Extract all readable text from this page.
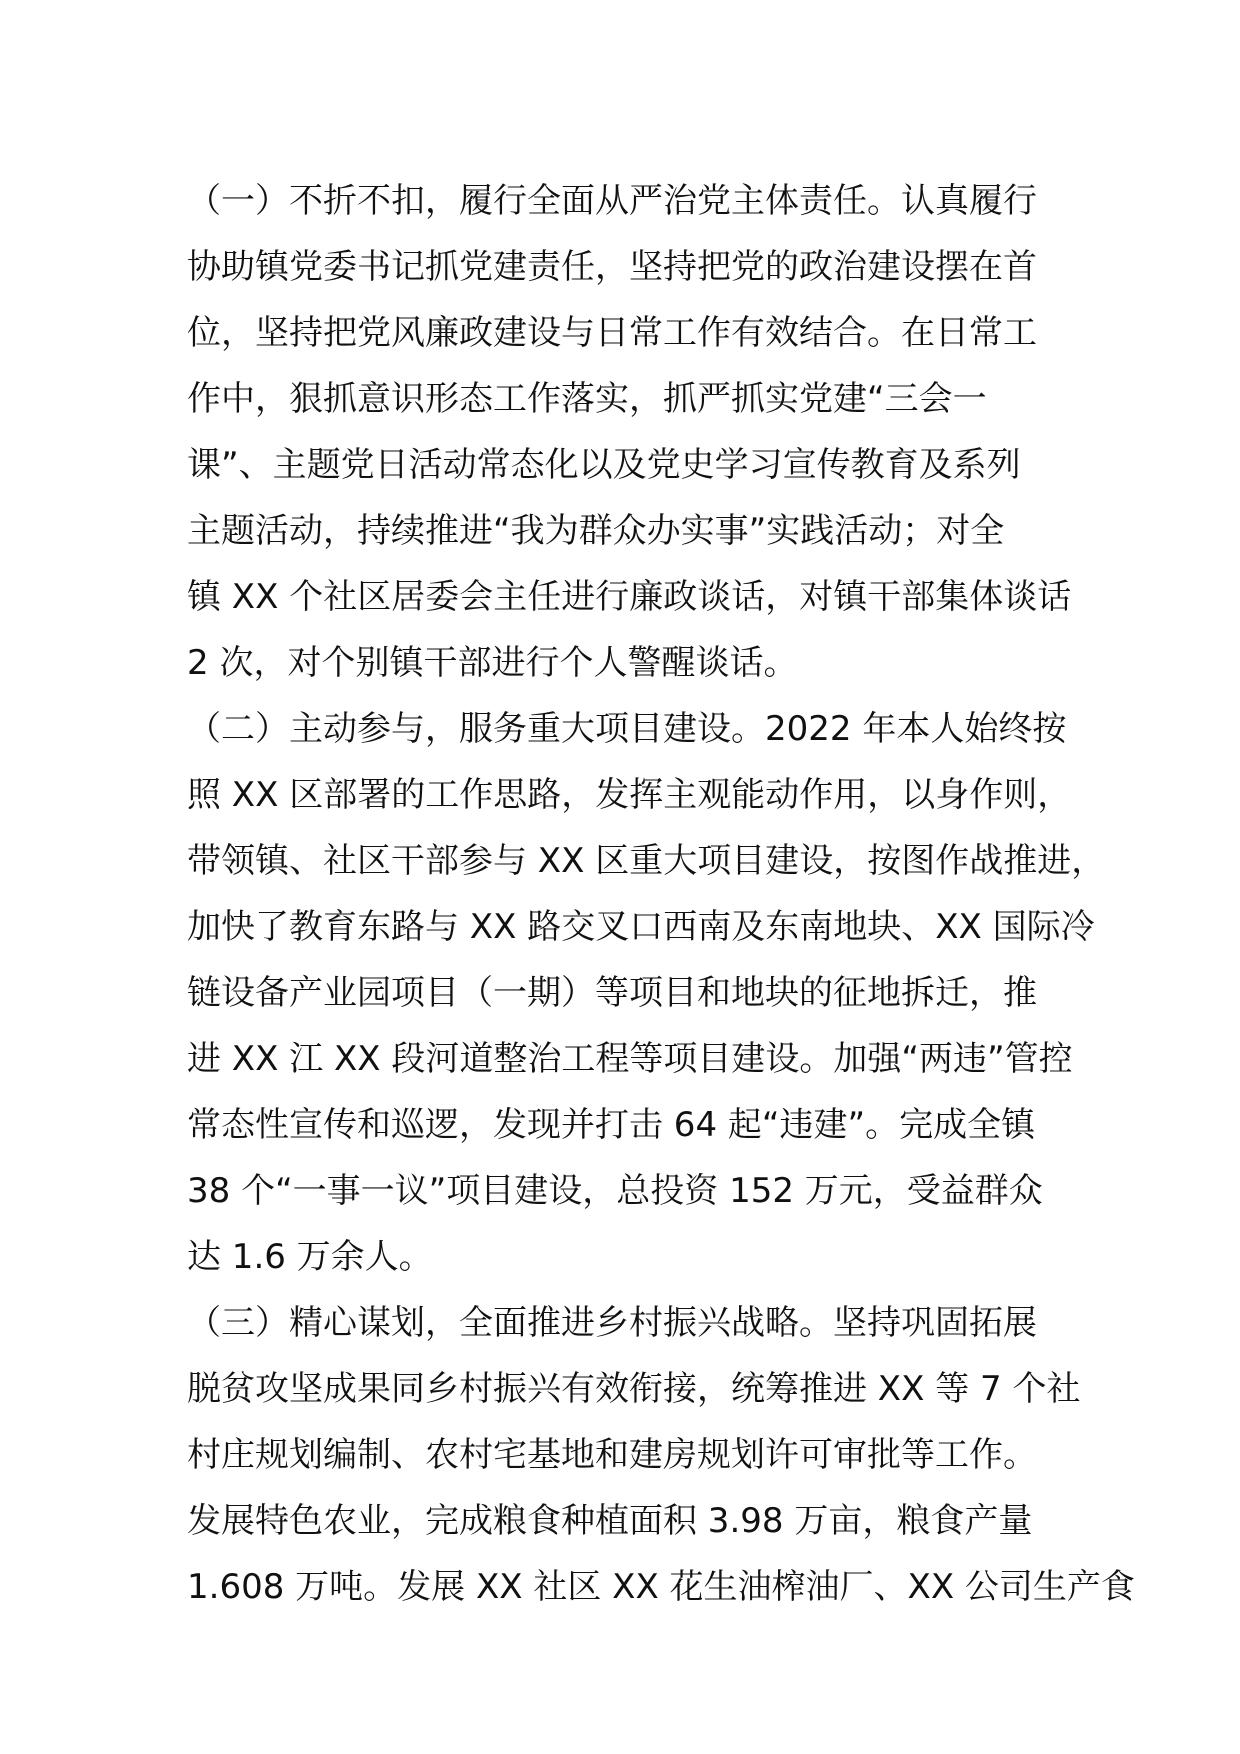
（一）不折不扣，履行全面从严治党主体责任。认真履行
协助镇党委书记抓党建责任，坚持把党的政治建设摆在首
位，坚持把党风廉政建设与日常工作有效结合。在日常工
作中，狠抓意识形态工作落实，抓严抓实党建“三会一
课”、主题党日活动常态化以及党史学习宣传教育及系列
主题活动，持续推进“我为群众办实事”实践活动；对全
镇 XX 个社区居委会主任进行廉政谈话，对镇干部集体谈话
2 次，对个别镇干部进行个人警醒谈话。
（二）主动参与，服务重大项目建设。2022 年本人始终按
照 XX 区部署的工作思路，发挥主观能动作用，以身作则，
带领镇、社区干部参与 XX 区重大项目建设，按图作战推进，
加快了教育东路与 XX 路交叉口西南及东南地块、XX 国际冷
链设备产业园项目（一期）等项目和地块的征地拆迁，推
进 XX 江 XX 段河道整治工程等项目建设。加强“两违”管控
常态性宣传和巡逻，发现并打击 64 起“违建”。完成全镇
38 个“一事一议”项目建设，总投资 152 万元，受益群众
达 1.6 万余人。
（三）精心谋划，全面推进乡村振兴战略。坚持巩固拓展
脱贫攻坚成果同乡村振兴有效衔接，统筹推进 XX 等 7 个社
村庄规划编制、农村宅基地和建房规划许可审批等工作。
发展特色农业，完成粮食种植面积 3.98 万亩，粮食产量
1.608 万吨。发展 XX 社区 XX 花生油榨油厂、XX 公司生产食
